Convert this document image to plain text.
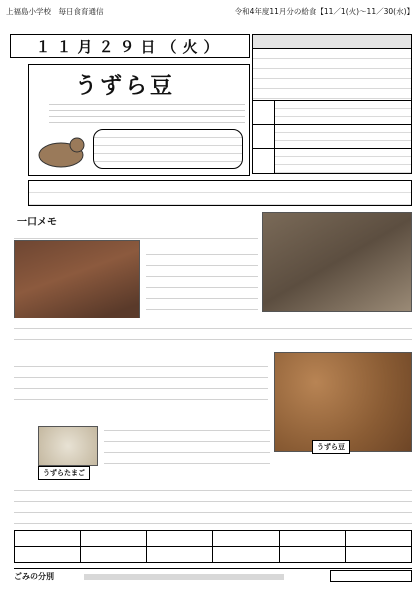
上福島小学校　毎日食育通信	令和4年度11月分の給食【11／1(火)～11／30(水)】
１１月２９日（火）
うずら豆
一口メモ
うずら豆
うずらたまご

ごみの分別
